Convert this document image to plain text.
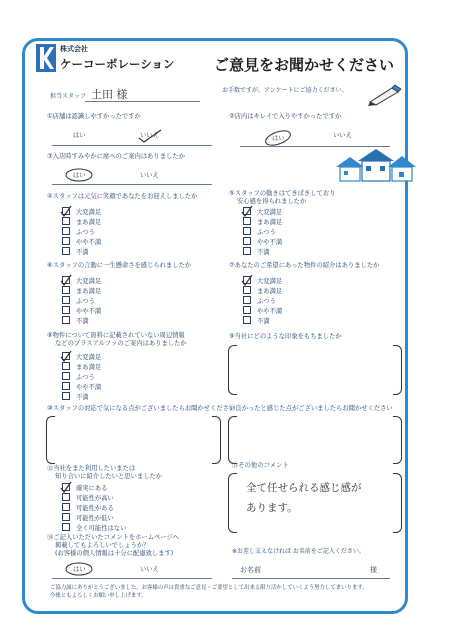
株式会社
ケーコーポレーション	ご意見をお聞かせください
担当スタッフ 土田 様	お手数ですが、アンケートにご協力ください。
①店舗は認識しやすかったですか
はい	いいえ
②店内はキレイで入りやすかったですか
はい	いいえ
③入店時すみやかに席へのご案内はありましたか
はい	いいえ
④スタッフは元気に笑顔であなたをお迎えしましたか
大変満足
まあ満足
ふつう
やや不満
不満
⑤スタッフの動きはてきぱきしており
安心感を得られましたか
大変満足
まあ満足
ふつう
やや不満
不満
⑥スタッフの言動に一生懸命さを感じられましたか
大変満足
まあ満足
ふつう
やや不満
不満
⑦あなたのご希望にあった物件の紹介はありましたか
大変満足
まあ満足
ふつう
やや不満
不満
⑧物件について資料に記載されていない周辺情報
などのプラスアルファのご案内はありましたか
大変満足
まあ満足
ふつう
やや不満
不満
⑨当社にどのような印象をもちましたか
⑩スタッフの対応で気になる点がございましたらお聞かせください
⑪良かったと感じた点がございましたらお聞かせください
⑫当社をまた利用したいまたは
知り合いに紹介したいと思いましたか
確実にある
可能性が高い
可能性がある
可能性が低い
全く可能性はない
⑬その他のコメント
全て任せられる感じ感が
あります。
⑭ご記入いただいたコメントをホームページへ
掲載してもよろしいでしょうか？
(お客様の個人情報は十分に配慮致します)
はい	いいえ
※お差し支えなければ お名前をご記入ください。
お名前	様
ご協力誠にありがとうございました。お客様の声は貴重なご意見・ご要望として出来る限り活かしていくよう努力してまいります。
今後ともよろしくお願い申し上げます。
